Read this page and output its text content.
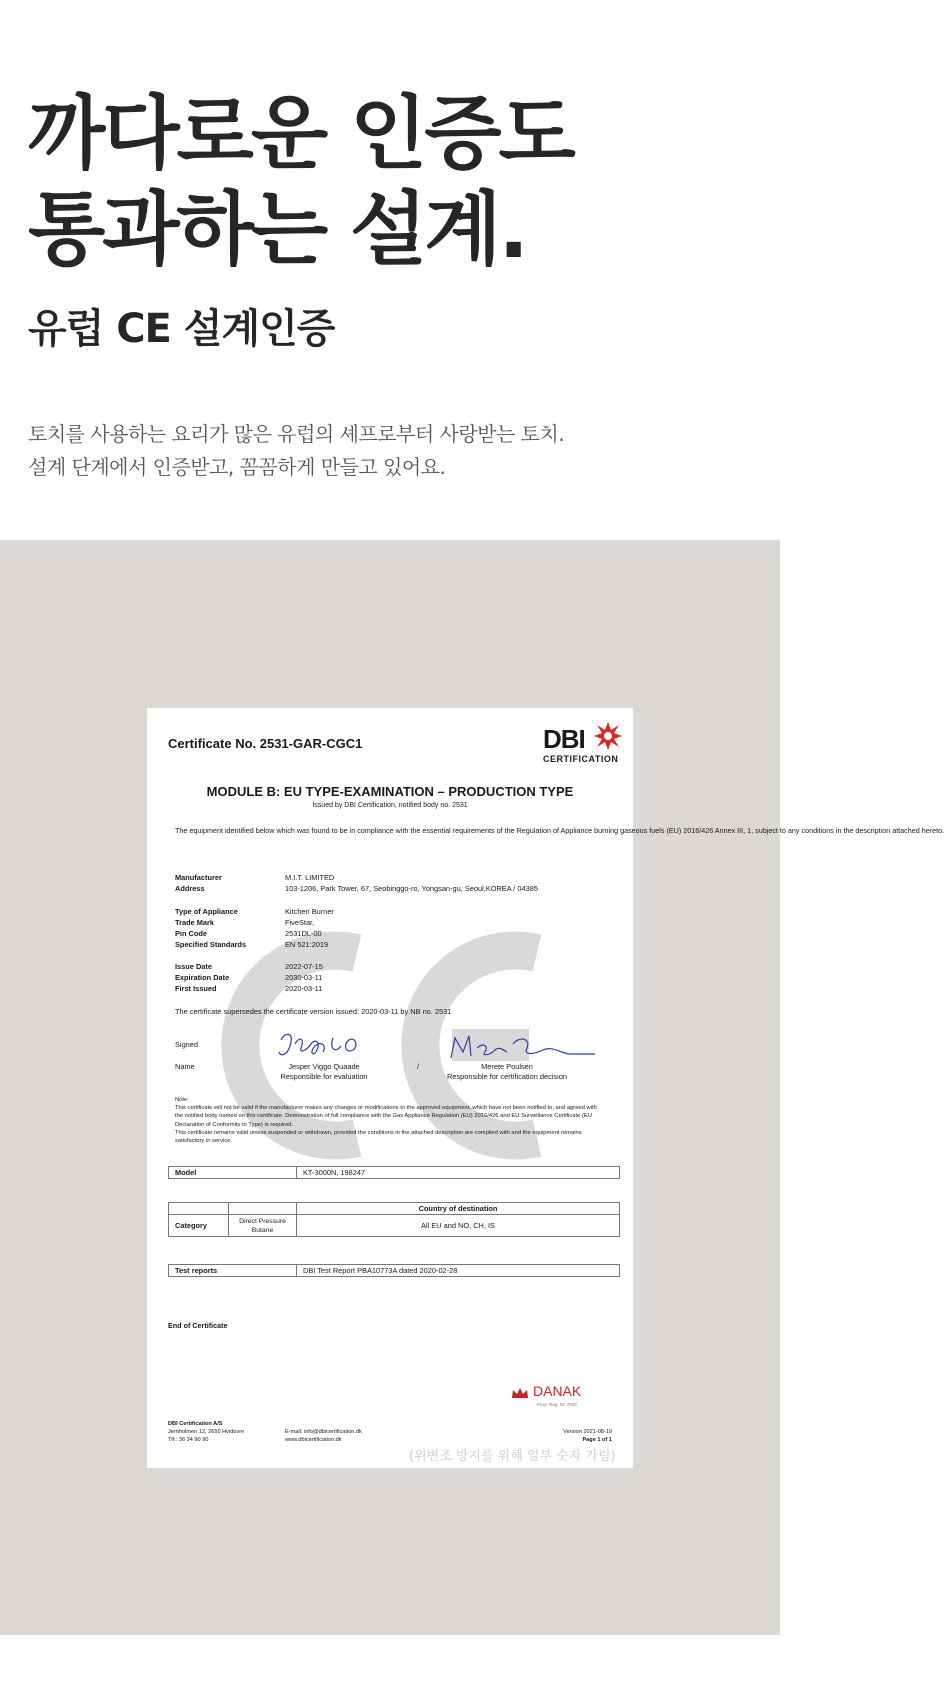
까다로운 인증도
통과하는 설계.
유럽 CE 설계인증

토치를 사용하는 요리가 많은 유럽의 셰프로부터 사랑받는 토치.
설계 단계에서 인증받고, 꼼꼼하게 만들고 있어요.

Certificate No. 2531-GAR-CGC1	DBI
CERTIFICATION
MODULE B: EU TYPE-EXAMINATION – PRODUCTION TYPE
Issued by DBI Certification, notified body no. 2531
The equipment identified below which was found to be in compliance with the essential requirements of the Regulation of Appliance burning gaseous fuels (EU) 2016/426 Annex III, 1, subject to any conditions in the description attached hereto.
Manufacturer	M.I.T. LIMITED
Address	103-1206, Park Tower, 67, Seobinggo-ro, Yongsan-gu, Seoul,KOREA / 04385
Type of Appliance	Kitchen Burner
Trade Mark	FiveStar,
Pin Code	2531DL-00
Specified Standards	EN 521:2019
Issue Date	2022-07-15
Expiration Date	2030-03-11
First Issued	2020-03-11
The certificate supersedes the certificate version issued: 2020-03-11 by NB no. 2531
Signed
Name	Jesper Viggo Quaade
Responsible for evaluation
/	Merete Poulsen
Responsible for certification decision
Note:
This certificate will not be valid if the manufacturer makes any changes or modifications to the approved equipment, which have not been notified to, and agreed with the notified body named on this certificate. Demonstration of full compliance with the Gas Appliance Regulation (EU) 2016/426 and EU Surveillance Certificate (EU Declaration of Conformity to Type) is required.
This certificate remains valid unless suspended or withdrawn, provided the conditions in the attached description are complied with and the equipment remains satisfactory in service.
Model	KT-3000N, 198247
		Country of destination
Category	Direct Pressure Butane	All EU and NO, CH, IS
Test reports	DBI Test Report PBA10773A dated 2020-02-28
End of Certificate
DANAK
Prod. Reg. Nr. 7023
DBI Certification A/S
Jernholmen 12, 2650 Hvidovre
Tlf.: 36 34 90 90
E-mail: info@dbicertification.dk
www.dbicertification.dk
Version 2021-08-19
Page 1 of 1
(위변조 방지를 위해 일부 숫자 가림)
